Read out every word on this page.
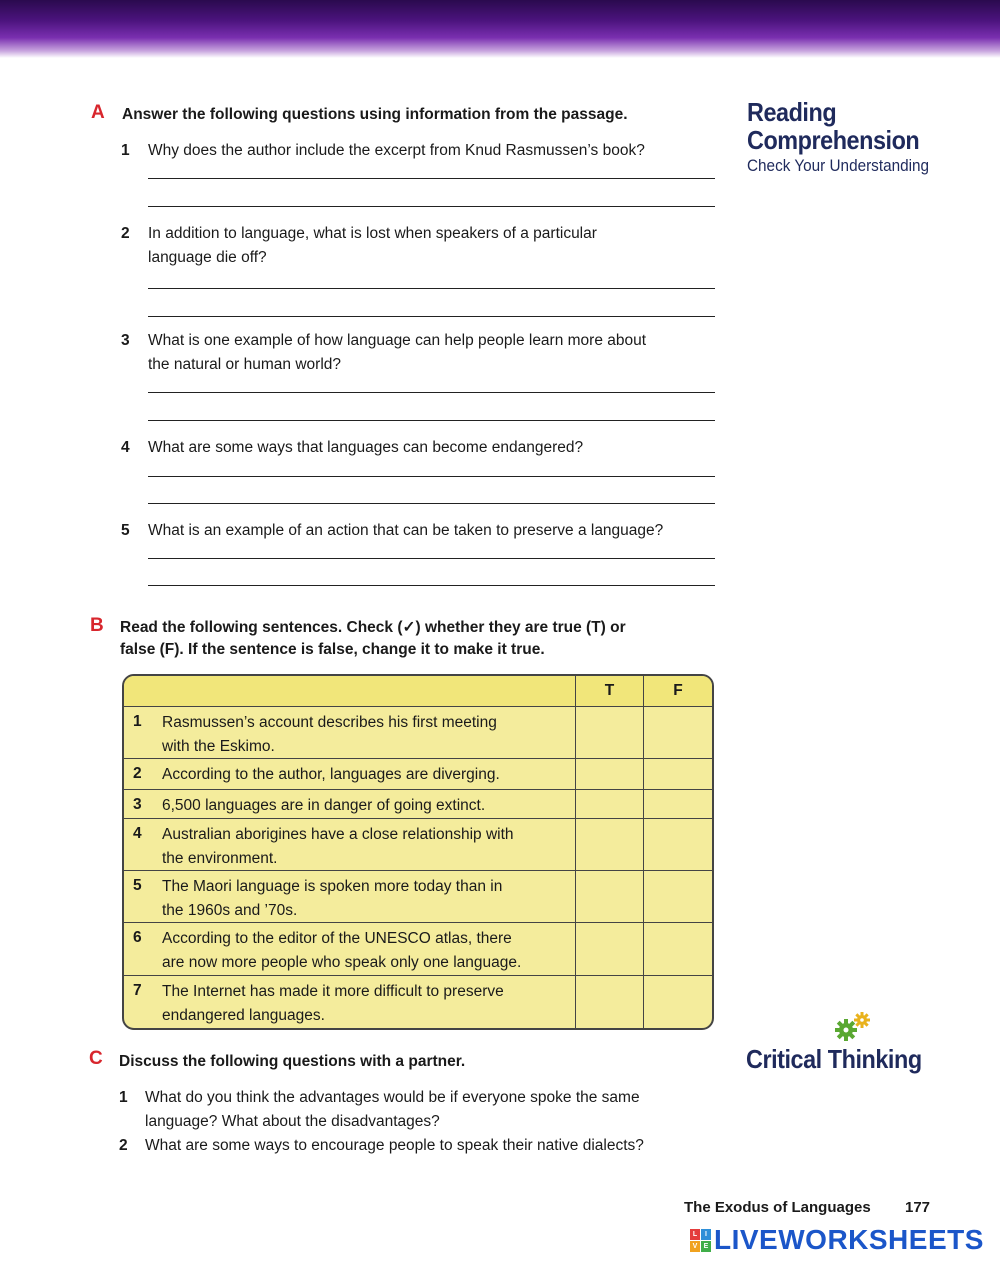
A Answer the following questions using information from the passage.
1 Why does the author include the excerpt from Knud Rasmussen’s book?
2 In addition to language, what is lost when speakers of a particular
language die off?
3 What is one example of how language can help people learn more about
the natural or human world?
4 What are some ways that languages can become endangered?
5 What is an example of an action that can be taken to preserve a language?
Reading
Comprehension
Check Your Understanding
B Read the following sentences. Check (✓) whether they are true (T) or
false (F). If the sentence is false, change it to make it true.
T	F
1	Rasmussen’s account describes his first meeting
with the Eskimo.
2	According to the author, languages are diverging.
3	6,500 languages are in danger of going extinct.
4	Australian aborigines have a close relationship with
the environment.
5	The Maori language is spoken more today than in
the 1960s and ’70s.
6	According to the editor of the UNESCO atlas, there
are now more people who speak only one language.
7	The Internet has made it more difficult to preserve
endangered languages.
Critical Thinking
C Discuss the following questions with a partner.
1 What do you think the advantages would be if everyone spoke the same
language? What about the disadvantages?
2 What are some ways to encourage people to speak their native dialects?
The Exodus of Languages 177
L	I
V E LIVEWORKSHEETS
